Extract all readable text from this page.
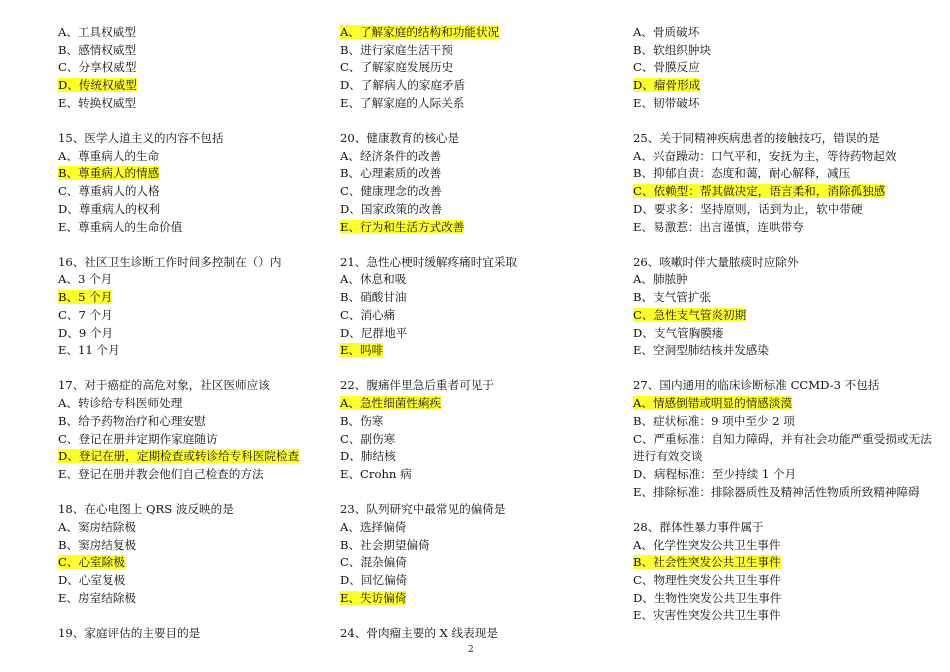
A、工具权威型
B、感情权威型
C、分享权威型
D、传统权威型
E、转换权威型
15、医学人道主义的内容不包括
A、尊重病人的生命
B、尊重病人的情感
C、尊重病人的人格
D、尊重病人的权利
E、尊重病人的生命价值
16、社区卫生诊断工作时间多控制在（）内
A、3 个月
B、5 个月
C、7 个月
D、9 个月
E、11 个月
17、对于癌症的高危对象，社区医师应该
A、转诊给专科医师处理
B、给予药物治疗和心理安慰
C、登记在册并定期作家庭随访
D、登记在册，定期检查或转诊给专科医院检查
E、登记在册并教会他们自己检查的方法
18、在心电图上 QRS 波反映的是
A、窦房结除极
B、窦房结复极
C、心室除极
D、心室复极
E、房室结除极
19、家庭评估的主要目的是
A、了解家庭的结构和功能状况
B、进行家庭生活干预
C、了解家庭发展历史
D、了解病人的家庭矛盾
E、了解家庭的人际关系
20、健康教育的核心是
A、经济条件的改善
B、心理素质的改善
C、健康理念的改善
D、国家政策的改善
E、行为和生活方式改善
21、急性心梗时缓解疼痛时宜采取
A、休息和吸
B、硝酸甘油
C、消心痛
D、尼群地平
E、吗啡
22、腹痛伴里急后重者可见于
A、急性细菌性痢疾
B、伤寒
C、副伤寒
D、肺结核
E、Crohn 病
23、队列研究中最常见的偏倚是
A、选择偏倚
B、社会期望偏倚
C、混杂偏倚
D、回忆偏倚
E、失访偏倚
24、骨肉瘤主要的 X 线表现是
A、骨质破坏
B、软组织肿块
C、骨膜反应
D、瘤骨形成
E、韧带破坏
25、关于同精神疾病患者的接触技巧，错误的是
A、兴奋躁动：口气平和，安抚为主，等待药物起效
B、抑郁自责：态度和蔼，耐心解释，减压
C、依赖型：帮其做决定，语言柔和，消除孤独感
D、要求多：坚持原则，话到为止，软中带硬
E、易激惹：出言谨慎，连哄带夸
26、咳嗽时伴大量脓痰时应除外
A、肺脓肿
B、支气管扩张
C、急性支气管炎初期
D、支气管胸膜瘘
E、空洞型肺结核并发感染
27、国内通用的临床诊断标准 CCMD-3 不包括
A、情感倒错或明显的情感淡漠
B、症状标准：9 项中至少 2 项
C、严重标准：自知力障碍，并有社会功能严重受损或无法进行有效交谈
D、病程标准：至少持续 1 个月
E、排除标准：排除器质性及精神活性物质所致精神障碍
28、群体性暴力事件属于
A、化学性突发公共卫生事件
B、社会性突发公共卫生事件
C、物理性突发公共卫生事件
D、生物性突发公共卫生事件
E、灾害性突发公共卫生事件
2
